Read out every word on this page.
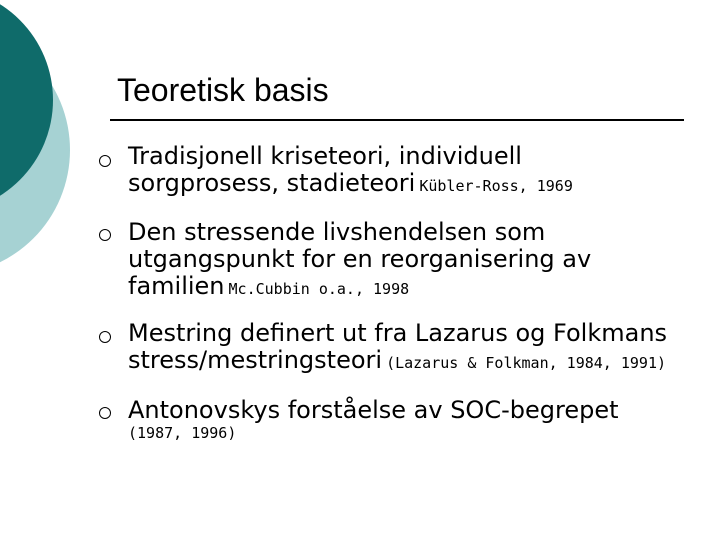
Teoretisk basis
Tradisjonell kriseteori, individuell
sorgprosess, stadieteori Kübler-Ross, 1969
Den stressende livshendelsen som
utgangspunkt for en reorganisering av
familien Mc.Cubbin o.a., 1998
Mestring definert ut fra Lazarus og Folkmans
stress/mestringsteori (Lazarus & Folkman, 1984, 1991)
Antonovskys forståelse av SOC-begrepet
(1987, 1996)
